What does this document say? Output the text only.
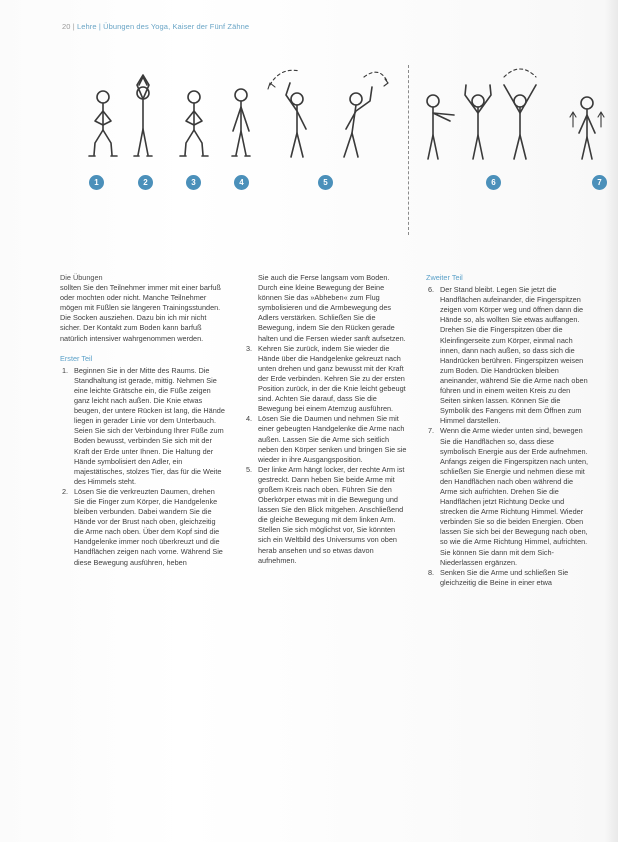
20 | Lehre | Übungen des Yoga, Kaiser der Fünf Zähne
1	2	3	4	5	6	7

Die Übungen

sollten Sie den Teilnehmer immer mit einer barfuß oder mochten oder nicht. Manche Teilnehmer mögen mit Füßlen sie längeren Trainingsstunden. Die Socken ausziehen. Dazu bin ich mir nicht sicher. Der Kontakt zum Boden kann barfuß natürlich intensiver wahrgenommen werden.

Erster Teil

1. Beginnen Sie in der Mitte des Raums. Die Standhaltung ist gerade, mittig. Nehmen Sie eine leichte Grätsche ein, die Füße zeigen ganz leicht nach außen. Die Knie etwas beugen, der untere Rücken ist lang, die Hände liegen in gerader Linie vor dem Unterbauch. Seien Sie sich der Verbindung Ihrer Füße zum Boden bewusst, verbinden Sie sich mit der Kraft der Erde unter Ihnen. Die Haltung der Hände symbolisiert den Adler, ein majestätisches, stolzes Tier, das für die Weite des Himmels steht.
2. Lösen Sie die verkreuzten Daumen, drehen Sie die Finger zum Körper, die Handgelenke bleiben verbunden. Dabei wandern Sie die Hände vor der Brust nach oben, gleichzeitig die Arme nach oben. Über dem Kopf sind die Handgelenke immer noch überkreuzt und die Handflächen zeigen nach vorne. Während Sie diese Bewegung ausführen, heben

Sie auch die Ferse langsam vom Boden. Durch eine kleine Bewegung der Beine können Sie das »Abheben« zum Flug symbolisieren und die Armbewegung des Adlers verstärken. Schließen Sie die Bewegung, indem Sie den Rücken gerade halten und die Fersen wieder sanft aufsetzen.

3. Kehren Sie zurück, indem Sie wieder die Hände über die Handgelenke gekreuzt nach unten drehen und ganz bewusst mit der Kraft der Erde verbinden. Kehren Sie zu der ersten Position zurück, in der die Knie leicht gebeugt sind. Achten Sie darauf, dass Sie die Bewegung bei einem Atemzug ausführen.
4. Lösen Sie die Daumen und nehmen Sie mit einer gebeugten Handgelenke die Arme nach außen. Lassen Sie die Arme sich seitlich neben den Körper senken und bringen Sie sie wieder in ihre Ausgangsposition.
5. Der linke Arm hängt locker, der rechte Arm ist gestreckt. Dann heben Sie beide Arme mit großem Kreis nach oben. Führen Sie den Oberkörper etwas mit in die Bewegung und lassen Sie den Blick mitgehen. Anschließend die gleiche Bewegung mit dem linken Arm. Stellen Sie sich möglichst vor, Sie könnten sich ein Weltbild des Universums von oben herab ansehen und so etwas davon aufnehmen.

Zweiter Teil

6. Der Stand bleibt. Legen Sie jetzt die Handflächen aufeinander, die Fingerspitzen zeigen vom Körper weg und öffnen dann die Hände so, als wollten Sie etwas auffangen. Drehen Sie die Fingerspitzen über die Kleinfingerseite zum Körper, einmal nach innen, dann nach außen, so dass sich die Handrücken berühren. Fingerspitzen weisen zum Boden. Die Handrücken bleiben aneinander, während Sie die Arme nach oben führen und in einem weiten Kreis zu den Seiten sinken lassen. Können Sie die Symbolik des Fangens mit dem Öffnen zum Himmel darstellen.
7. Wenn die Arme wieder unten sind, bewegen Sie die Handflächen so, dass diese symbolisch Energie aus der Erde aufnehmen. Anfangs zeigen die Fingerspitzen nach unten, schließen Sie Energie und nehmen diese mit den Handflächen nach oben während die Arme sich aufrichten. Drehen Sie die Handflächen jetzt Richtung Decke und strecken die Arme Richtung Himmel. Wieder verbinden Sie so die beiden Energien. Oben lassen Sie sich bei der Bewegung nach oben, so wie die Arme Richtung Himmel, aufrichten. Sie können Sie dann mit dem Sich-Niederlassen ergänzen.
8. Senken Sie die Arme und schließen Sie gleichzeitig die Beine in einer etwa
